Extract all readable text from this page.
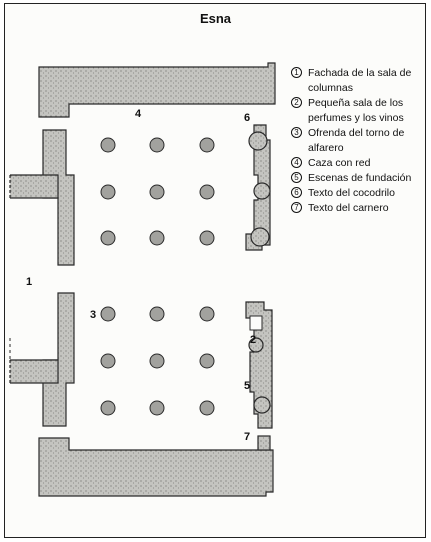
Esna
1
2
3
4
5
6
7
1 Fachada de la sala de columnas
2 Pequeña sala de los perfumes y los vinos
3 Ofrenda del torno de alfarero
4 Caza con red
5 Escenas de fundación
6 Texto del cocodrilo
7 Texto del carnero
